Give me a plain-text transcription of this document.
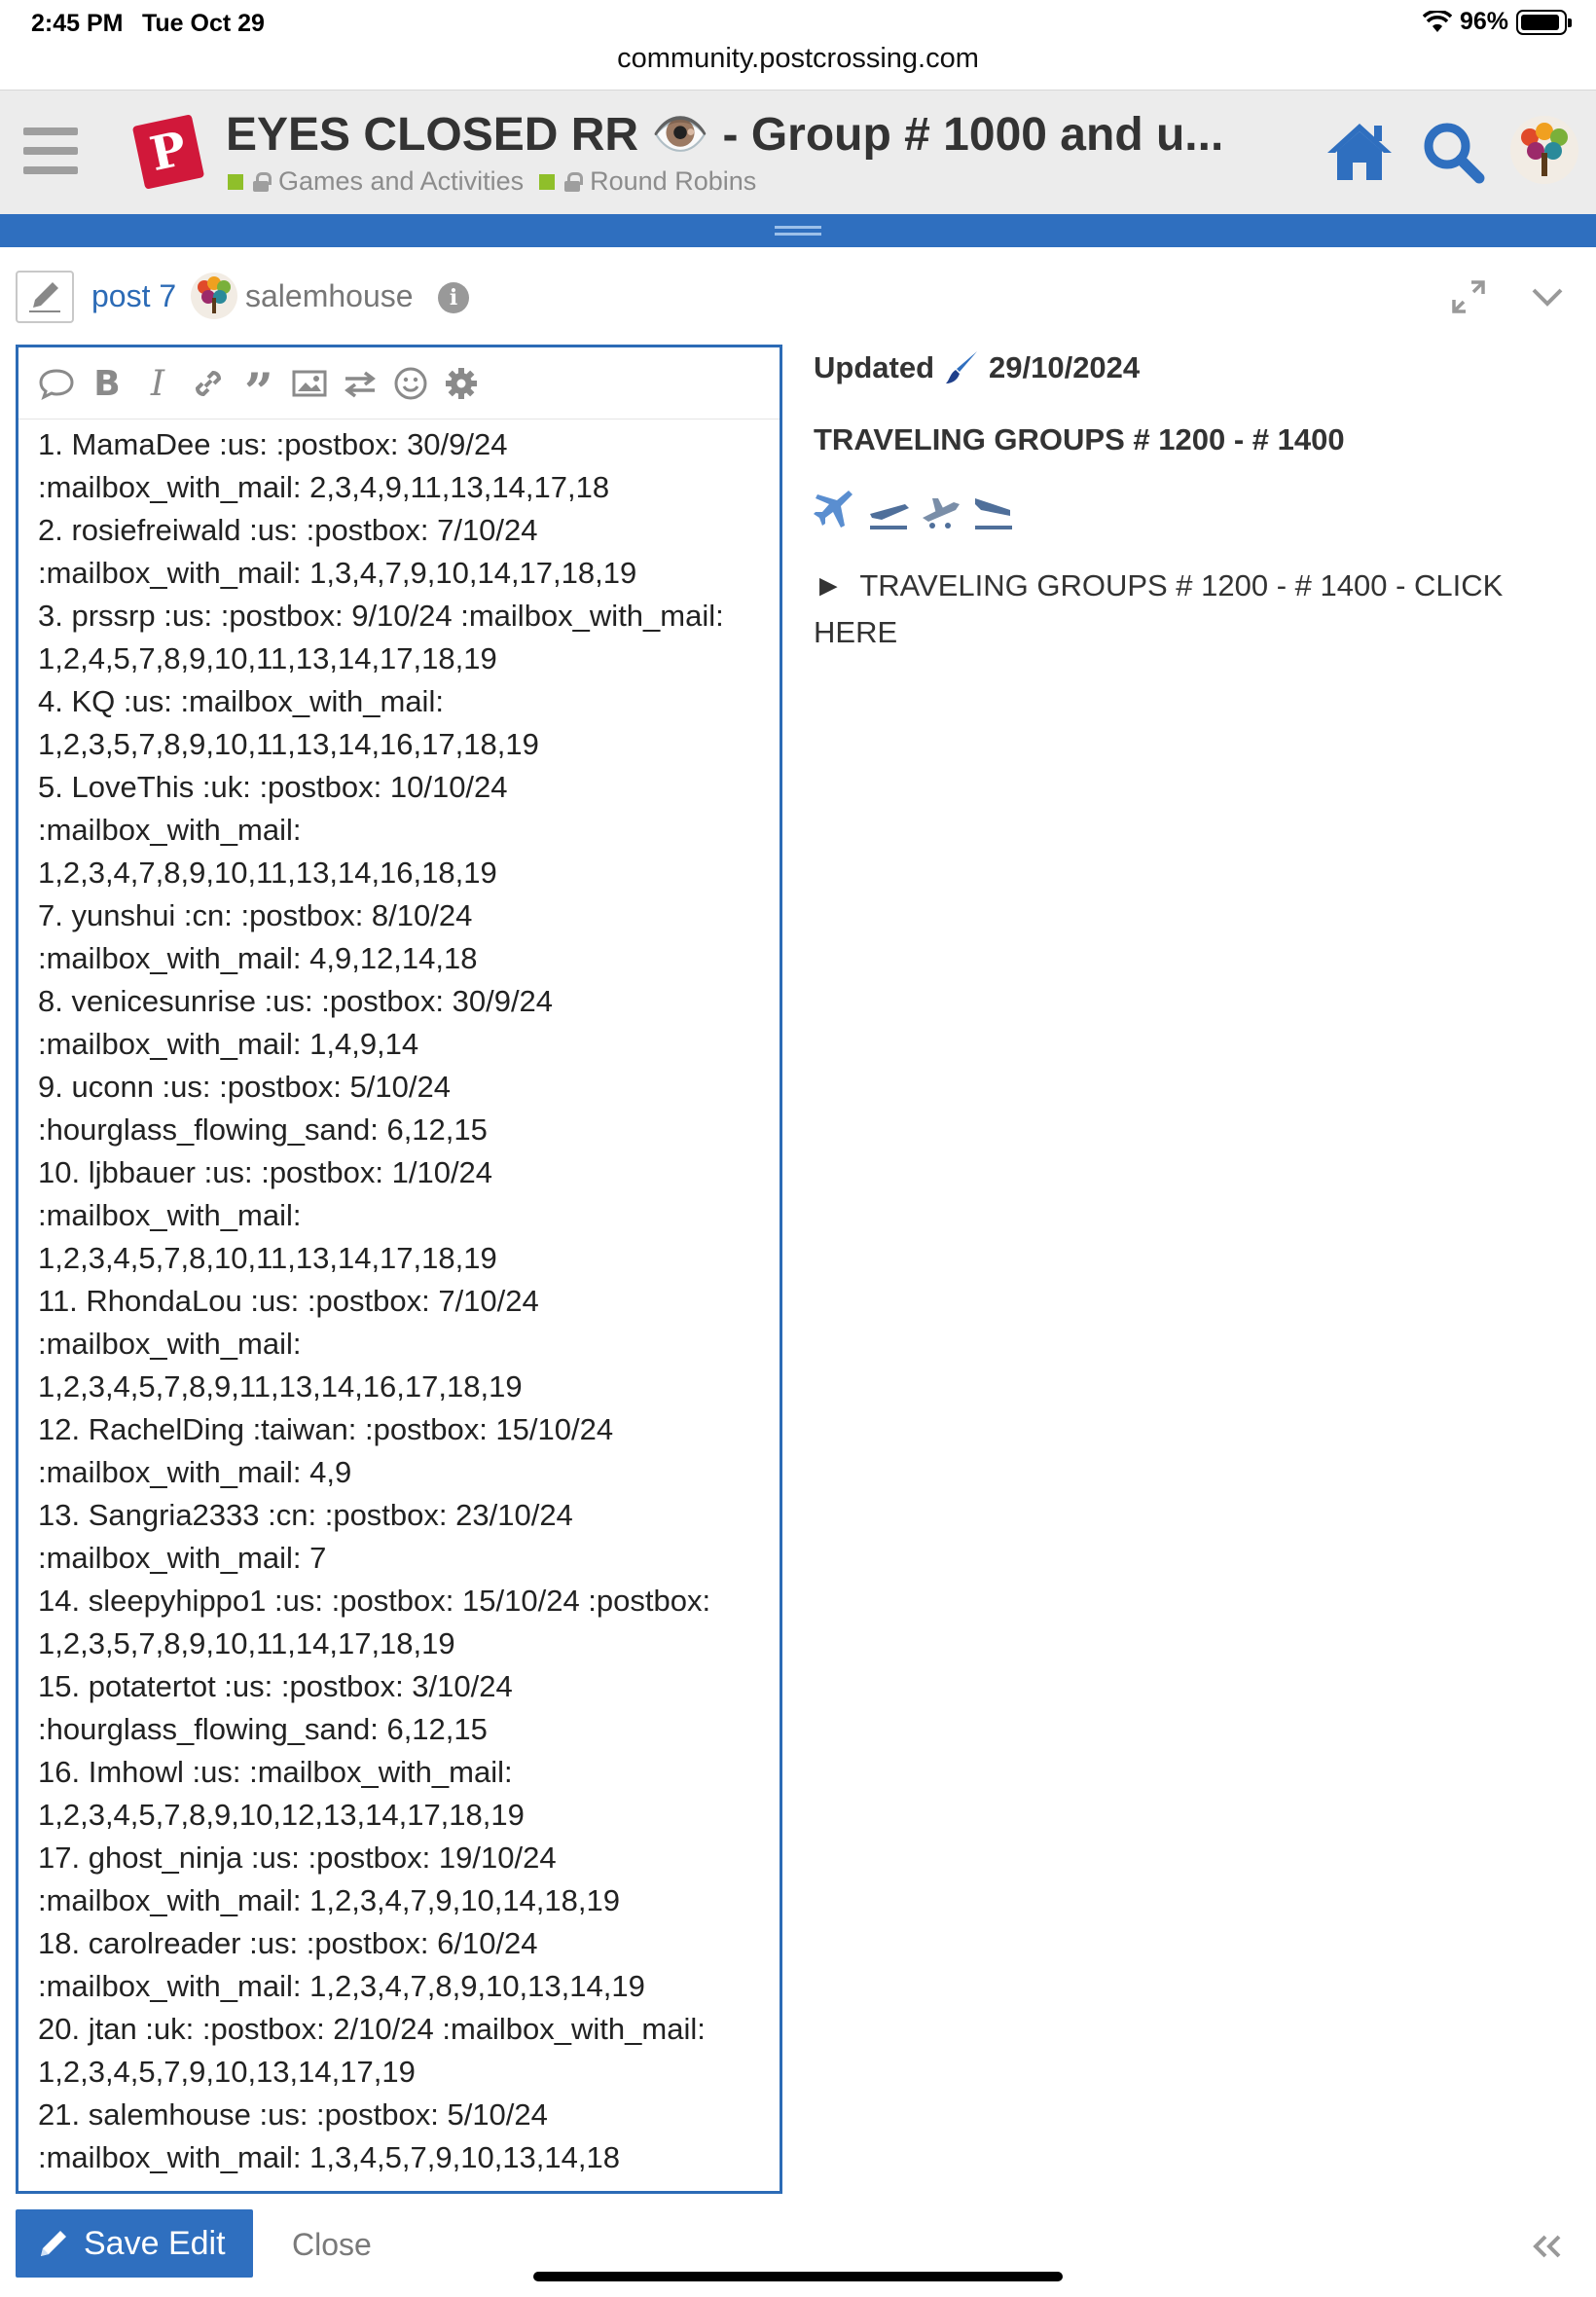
2:45 PM Tue Oct 29	96%
community.postcrossing.com
P EYES CLOSED RR 👁️ - Group # 1000 and u...
Games and Activities	Round Robins
post 7 salemhouse	i
B I ”
1. MamaDee :us: :postbox: 30/9/24
:mailbox_with_mail: 2,3,4,9,11,13,14,17,18
2. rosiefreiwald :us: :postbox: 7/10/24
:mailbox_with_mail: 1,3,4,7,9,10,14,17,18,19
3. prssrp :us: :postbox: 9/10/24 :mailbox_with_mail:
1,2,4,5,7,8,9,10,11,13,14,17,18,19
4. KQ :us: :mailbox_with_mail:
1,2,3,5,7,8,9,10,11,13,14,16,17,18,19
5. LoveThis :uk: :postbox: 10/10/24
:mailbox_with_mail:
1,2,3,4,7,8,9,10,11,13,14,16,18,19
7. yunshui :cn: :postbox: 8/10/24
:mailbox_with_mail: 4,9,12,14,18
8. venicesunrise :us: :postbox: 30/9/24
:mailbox_with_mail: 1,4,9,14
9. uconn :us: :postbox: 5/10/24
:hourglass_flowing_sand: 6,12,15
10. ljbbauer :us: :postbox: 1/10/24
:mailbox_with_mail:
1,2,3,4,5,7,8,10,11,13,14,17,18,19
11. RhondaLou :us: :postbox: 7/10/24
:mailbox_with_mail:
1,2,3,4,5,7,8,9,11,13,14,16,17,18,19
12. RachelDing :taiwan: :postbox: 15/10/24
:mailbox_with_mail: 4,9
13. Sangria2333 :cn: :postbox: 23/10/24
:mailbox_with_mail: 7
14. sleepyhippo1 :us: :postbox: 15/10/24 :postbox:
1,2,3,5,7,8,9,10,11,14,17,18,19
15. potatertot :us: :postbox: 3/10/24
:hourglass_flowing_sand: 6,12,15
16. Imhowl :us: :mailbox_with_mail:
1,2,3,4,5,7,8,9,10,12,13,14,17,18,19
17. ghost_ninja :us: :postbox: 19/10/24
:mailbox_with_mail: 1,2,3,4,7,9,10,14,18,19
18. carolreader :us: :postbox: 6/10/24
:mailbox_with_mail: 1,2,3,4,7,8,9,10,13,14,19
20. jtan :uk: :postbox: 2/10/24 :mailbox_with_mail:
1,2,3,4,5,7,9,10,13,14,17,19
21. salemhouse :us: :postbox: 5/10/24
:mailbox_with_mail: 1,3,4,5,7,9,10,13,14,18
Updated 29/10/2024
TRAVELING GROUPS # 1200 - # 1400
► TRAVELING GROUPS # 1200 - # 1400 - CLICK HERE
Save Edit Close
